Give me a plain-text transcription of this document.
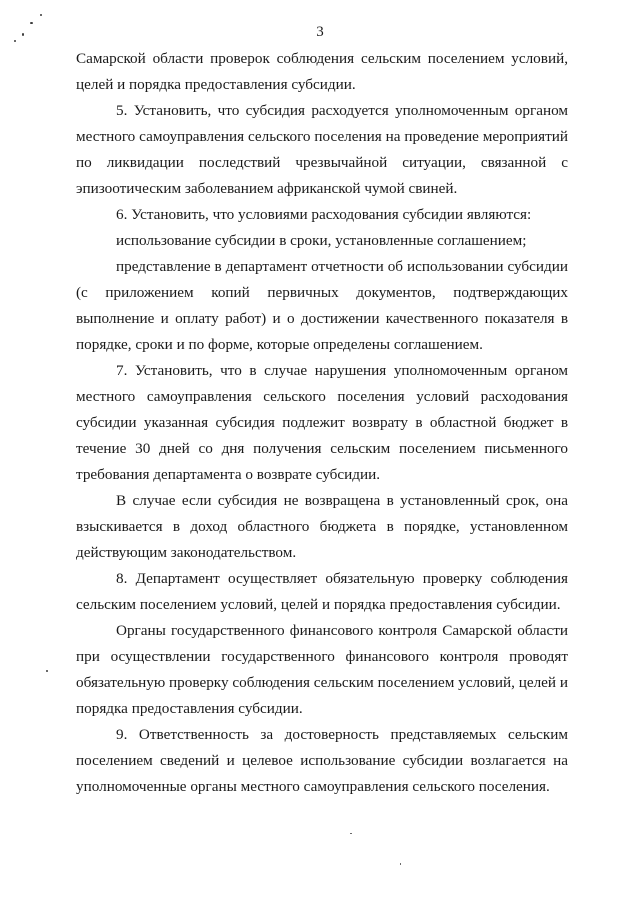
3

Самарской области проверок соблюдения сельским поселением условий, целей и порядка предоставления субсидии.

5. Установить, что субсидия расходуется уполномоченным органом местного самоуправления сельского поселения на проведение мероприятий по ликвидации последствий чрезвычайной ситуации, связанной с эпизоотическим заболеванием африканской чумой свиней.

6. Установить, что условиями расходования субсидии являются:

использование субсидии в сроки, установленные соглашением;

представление в департамент отчетности об использовании субсидии (с приложением копий первичных документов, подтверждающих выполнение и оплату работ) и о достижении качественного показателя в порядке, сроки и по форме, которые определены соглашением.

7. Установить, что в случае нарушения уполномоченным органом местного самоуправления сельского поселения условий расходования субсидии указанная субсидия подлежит возврату в областной бюджет в течение 30 дней со дня получения сельским поселением письменного требования департамента о возврате субсидии.

В случае если субсидия не возвращена в установленный срок, она взыскивается в доход областного бюджета в порядке, установленном действующим законодательством.

8. Департамент осуществляет обязательную проверку соблюдения сельским поселением условий, целей и порядка предоставления субсидии.

Органы государственного финансового контроля Самарской области при осуществлении государственного финансового контроля проводят обязательную проверку соблюдения сельским поселением условий, целей и порядка предоставления субсидии.

9. Ответственность за достоверность представляемых сельским поселением сведений и целевое использование субсидии возлагается на уполномоченные органы местного самоуправления сельского поселения.
